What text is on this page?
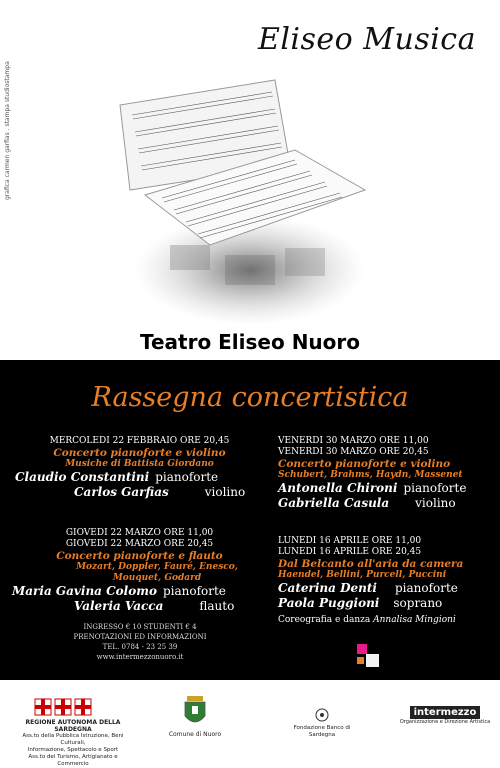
Eliseo Musica
grafica carmen garfias . stampa studiostampa
Teatro Eliseo Nuoro
Rassegna concertistica
MERCOLEDI 22 FEBBRAIO ORE 20,45
Concerto pianoforte e violino
Musiche di Battista Giordano
Claudio Constantini pianoforte
Carlos Garfias	violino
GIOVEDI 22 MARZO ORE 11,00
GIOVEDI 22 MARZO ORE 20,45
Concerto pianoforte e flauto
Mozart, Doppler, Fauré, Enesco, Mouquet, Godard
Maria Gavina Colomo pianoforte
Valeria Vacca	flauto
VENERDI 30 MARZO ORE 11,00
VENERDI 30 MARZO ORE 20,45
Concerto pianoforte e violino
Schubert, Brahms, Haydn, Massenet
Antonella Chironi pianoforte
Gabriella Casula violino
LUNEDI 16 APRILE ORE 11,00
LUNEDI 16 APRILE ORE 20,45
Dal Belcanto all'aria da camera
Haendel, Bellini, Purcell, Puccini
Caterina Denti pianoforte
Paola Puggioni soprano
Coreografia e danza Annalisa Mingioni
INGRESSO € 10 STUDENTI € 4
PRENOTAZIONI ED INFORMAZIONI
TEL. 0784 - 23 25 39
www.intermezzonuoro.it
REGIONE AUTONOMA DELLA SARDEGNA
Ass.to della Pubblica Istruzione, Beni Culturali,
Informazione, Spettacolo e Sport
Ass.to del Turismo, Artigianato e Commercio
Comune di Nuoro
Fondazione Banco di Sardegna
intermezzo
Organizzazione e Direzione Artistica
